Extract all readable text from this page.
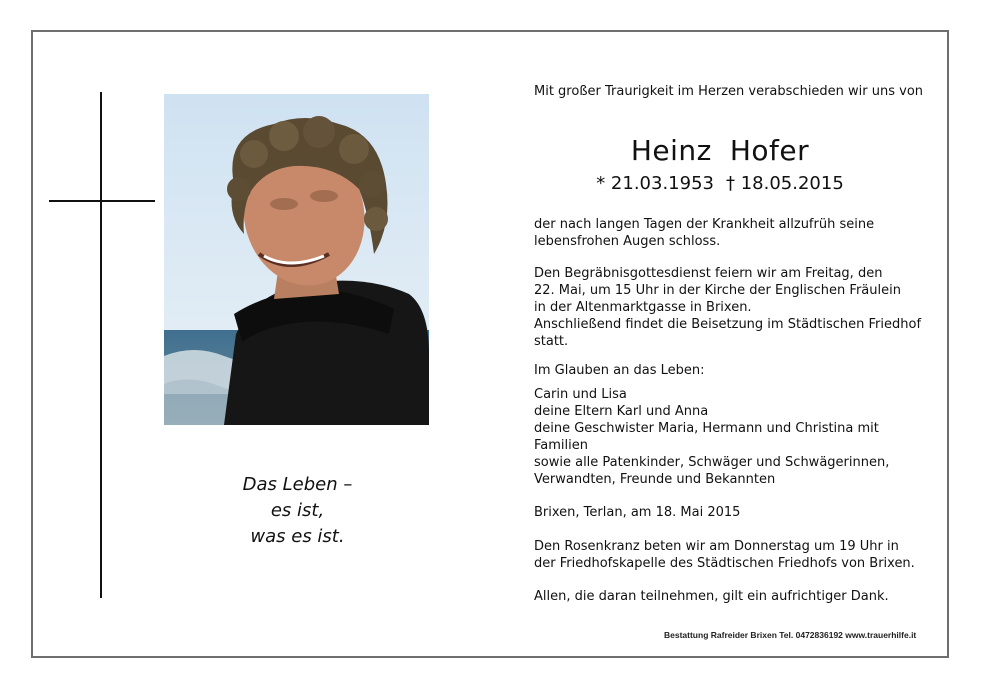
Das Leben –
es ist,
was es ist.
Mit großer Traurigkeit im Herzen verabschieden wir uns von
Heinz Hofer
* 21.03.1953 † 18.05.2015
der nach langen Tagen der Krankheit allzufrüh seine
lebensfrohen Augen schloss.
Den Begräbnisgottesdienst feiern wir am Freitag, den
22. Mai, um 15 Uhr in der Kirche der Englischen Fräulein
in der Altenmarktgasse in Brixen.
Anschließend findet die Beisetzung im Städtischen Friedhof
statt.
Im Glauben an das Leben:
Carin und Lisa
deine Eltern Karl und Anna
deine Geschwister Maria, Hermann und Christina mit
Familien
sowie alle Patenkinder, Schwäger und Schwägerinnen,
Verwandten, Freunde und Bekannten
Brixen, Terlan, am 18. Mai 2015
Den Rosenkranz beten wir am Donnerstag um 19 Uhr in
der Friedhofskapelle des Städtischen Friedhofs von Brixen.
Allen, die daran teilnehmen, gilt ein aufrichtiger Dank.
Bestattung Rafreider Brixen Tel. 0472836192 www.trauerhilfe.it
